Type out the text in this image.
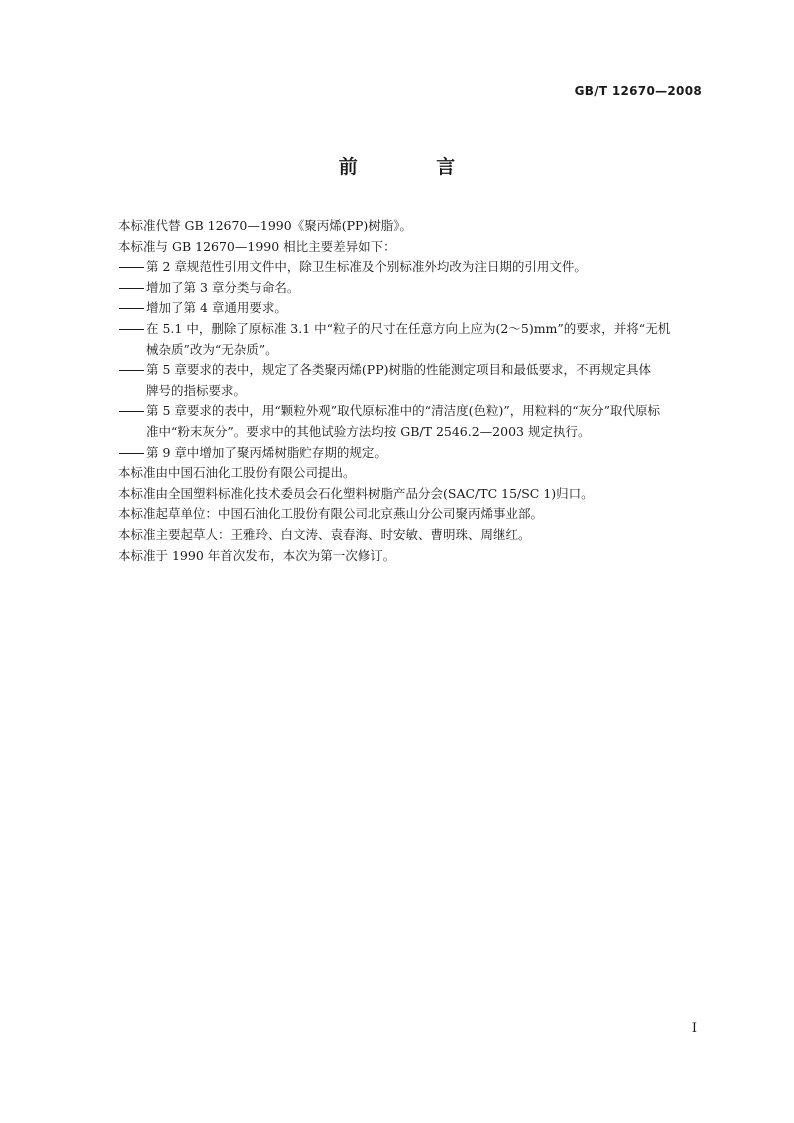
GB/T 12670—2008
前 言

本标准代替 GB 12670—1990《聚丙烯(PP)树脂》。

本标准与 GB 12670—1990 相比主要差异如下：

第 2 章规范性引用文件中，除卫生标准及个别标准外均改为注日期的引用文件。
增加了第 3 章分类与命名。
增加了第 4 章通用要求。
在 5.1 中，删除了原标准 3.1 中“粒子的尺寸在任意方向上应为(2～5)mm”的要求，并将“无机
械杂质”改为“无杂质”。
第 5 章要求的表中，规定了各类聚丙烯(PP)树脂的性能测定项目和最低要求，不再规定具体
牌号的指标要求。
第 5 章要求的表中，用“颗粒外观”取代原标准中的“清洁度(色粒)”，用粒料的“灰分”取代原标
准中“粉末灰分”。要求中的其他试验方法均按 GB/T 2546.2—2003 规定执行。
第 9 章中增加了聚丙烯树脂贮存期的规定。

本标准由中国石油化工股份有限公司提出。

本标准由全国塑料标准化技术委员会石化塑料树脂产品分会(SAC/TC 15/SC 1)归口。

本标准起草单位：中国石油化工股份有限公司北京燕山分公司聚丙烯事业部。

本标准主要起草人：王雅玲、白文涛、袁春海、时安敏、曹明珠、周继红。

本标准于 1990 年首次发布，本次为第一次修订。

I
